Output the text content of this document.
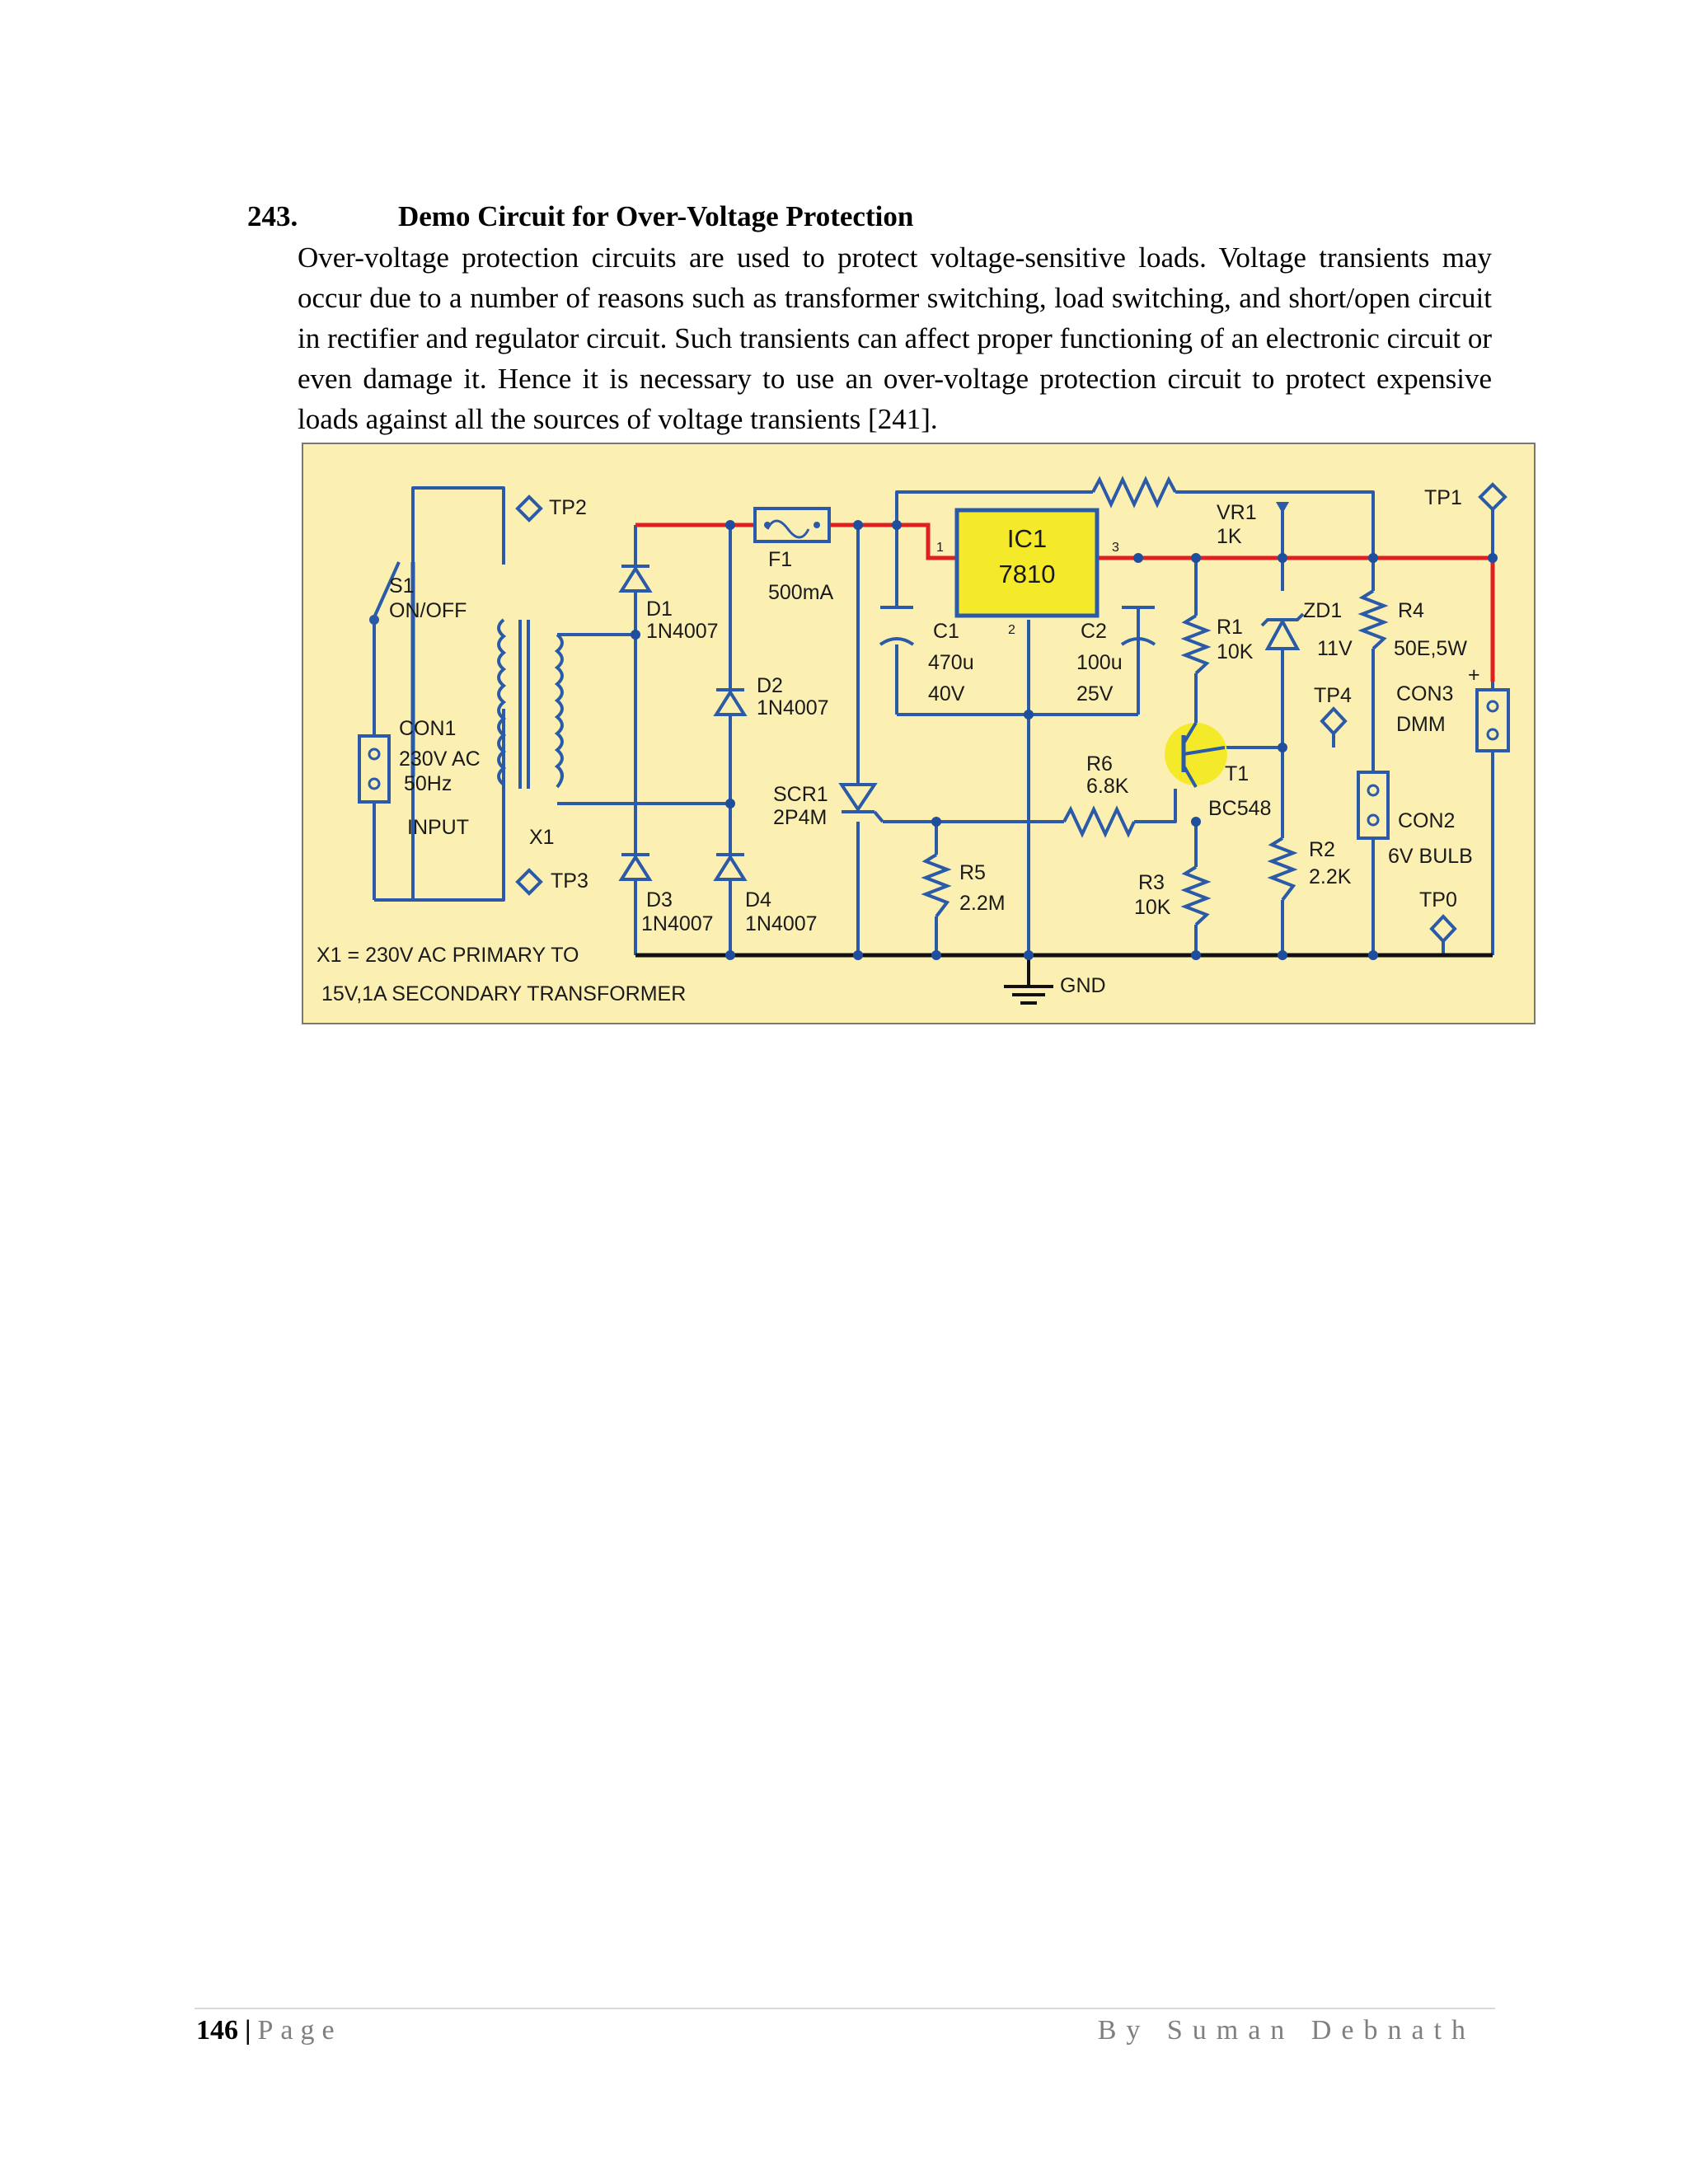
243.	Demo Circuit for Over-Voltage Protection

Over-voltage protection circuits are used to protect voltage-sensitive loads. Voltage transients may occur due to a number of reasons such as transformer switching, load switching, and short/open circuit in rectifier and regulator circuit. Such transients can affect proper functioning of an electronic circuit or even damage it. Hence it is necessary to use an over-voltage protection circuit to protect expensive loads against all the sources of voltage transients [241].

TP2
TP3
TP1
TP4
TP0
S1
ON/OFF
CON1
230V AC
50Hz
INPUT	X1
D1
1N4007
D2
1N4007
D3
1N4007
D4
1N4007
F1
500mA
IC1
7810
1	3
2
C1
470u
40V
C2
100u
25V
VR1
1K
R1
10K
ZD1
11V
R4
50E,5W
CON3
DMM
+
R6
6.8K
T1
BC548
SCR1
2P4M
R5
2.2M
R3
10K
R2
2.2K
CON2
6V BULB
GND
X1 = 230V AC PRIMARY TO
15V,1A SECONDARY TRANSFORMER
146 | Page	By Suman Debnath
